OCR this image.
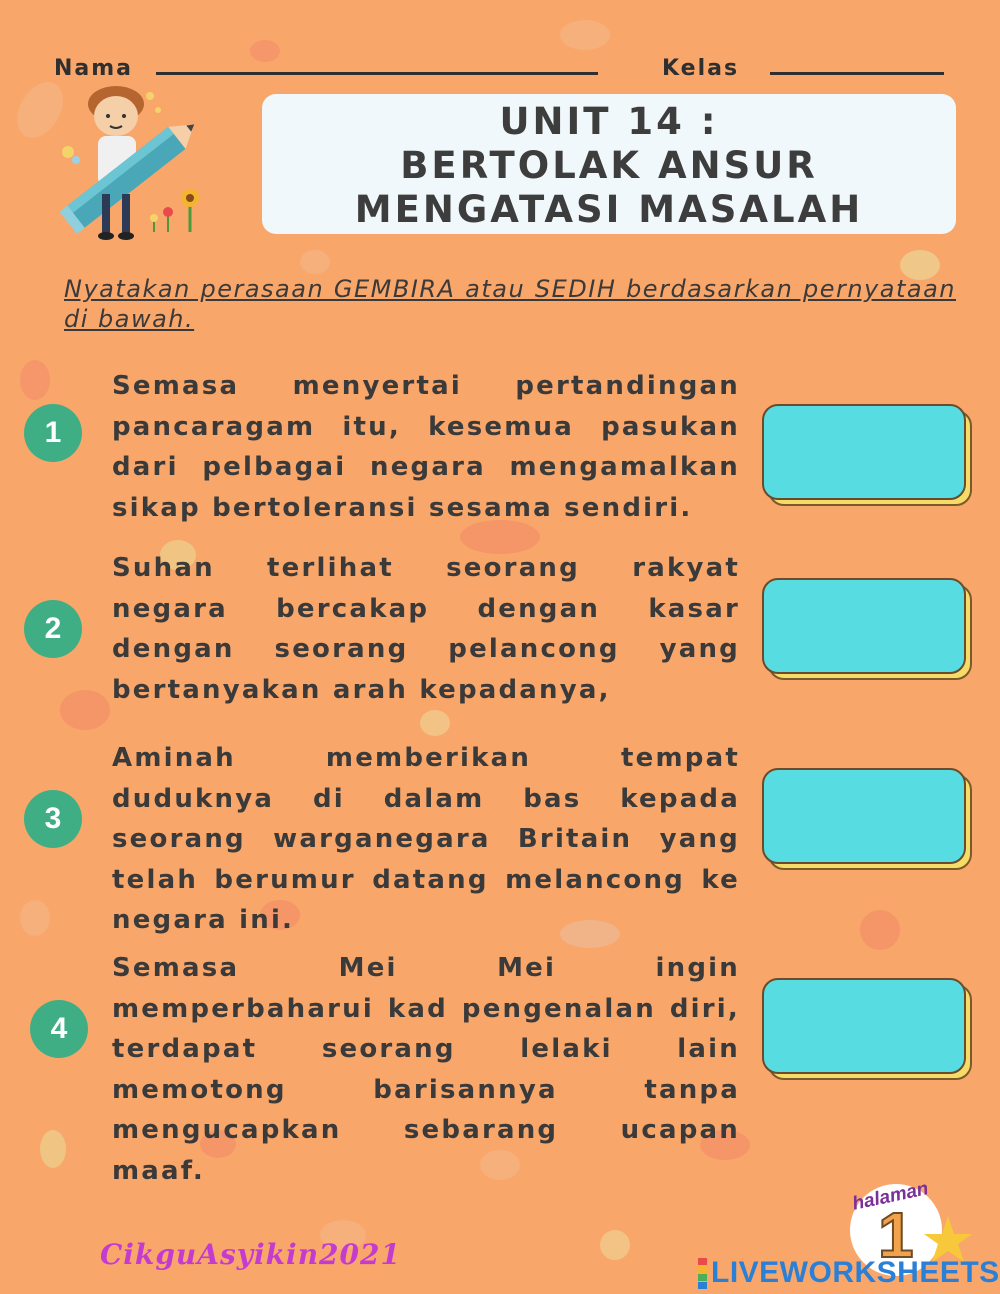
Nama	Kelas
UNIT 14 :
BERTOLAK ANSUR
MENGATASI MASALAH
Nyatakan perasaan GEMBIRA atau SEDIH berdasarkan pernyataan di bawah.
1
Semasa menyertai pertandingan pancaragam itu, kesemua pasukan dari pelbagai negara mengamalkan sikap bertoleransi sesama sendiri.
2
Suhan terlihat seorang rakyat negara bercakap dengan kasar dengan seorang pelancong yang bertanyakan arah kepadanya,
3
Aminah memberikan tempat duduknya di dalam bas kepada seorang warganegara Britain yang telah berumur datang melancong ke negara ini.
4
Semasa Mei Mei ingin memperbaharui kad pengenalan diri, terdapat seorang lelaki lain memotong barisannya tanpa mengucapkan sebarang ucapan maaf.
CikguAsyikin2021
halaman
1
LIVEWORKSHEETS
